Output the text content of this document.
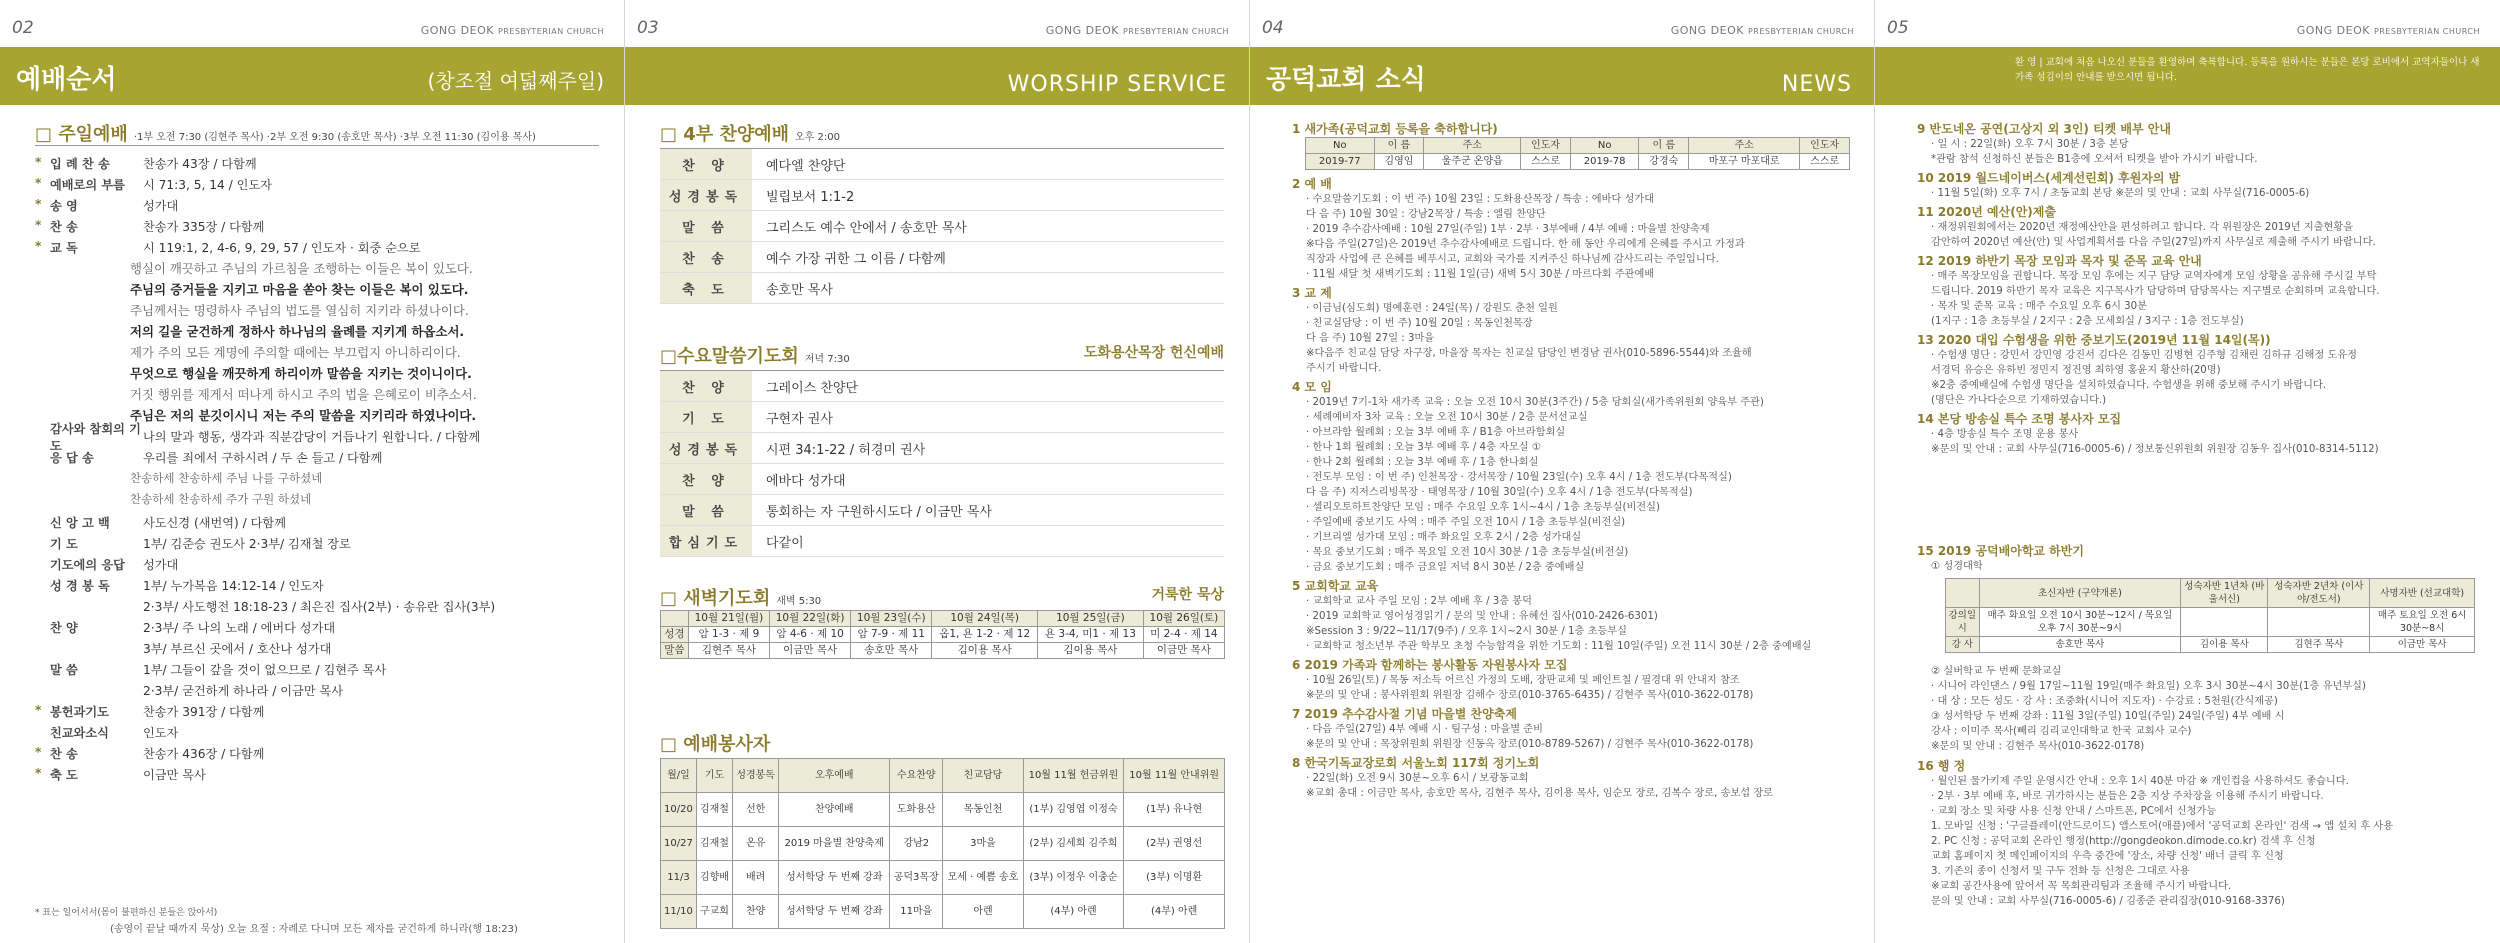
02	GONG DEOK PRESBYTERIAN CHURCH
예배순서	(창조절 여덟째주일)
□ 주일예배 ·1부 오전 7:30 (김현주 목사) ·2부 오전 9:30 (송호만 목사) ·3부 오전 11:30 (김이용 목사)
* 입 례 찬 송	찬송가 43장 / 다함께
* 예배로의 부름	시 71:3, 5, 14 / 인도자
* 송 영	성가대
* 찬 송	찬송가 335장 / 다함께
* 교 독	시 119:1, 2, 4-6, 9, 29, 57 / 인도자 · 회중 순으로
행실이 깨끗하고 주님의 가르침을 조행하는 이들은 복이 있도다.
주님의 증거들을 지키고 마음을 쏟아 찾는 이들은 복이 있도다.
주님께서는 명령하사 주님의 법도를 열심히 지키라 하셨나이다.
저의 길을 굳건하게 정하사 하나님의 율례를 지키게 하옵소서.
제가 주의 모든 계명에 주의할 때에는 부끄럽지 아니하리이다.
무엇으로 행실을 깨끗하게 하리이까 말씀을 지키는 것이니이다.
거짓 행위를 제게서 떠나게 하시고 주의 법을 은혜로이 비추소서.
주님은 저의 분깃이시니 저는 주의 말씀을 지키리라 하였나이다.
감사와 참회의 기도
나의 말과 행동, 생각과 직분감당이 거듭나기 원합니다. / 다함께
응 답 송	우리를 죄에서 구하시려 / 두 손 들고 / 다함께
찬송하세 찬송하세 주님 나를 구하셨네
찬송하세 찬송하세 주가 구원 하셨네
신 앙 고 백	사도신경 (새번역) / 다함께
기 도	1부/ 김준승 권도사 2·3부/ 김재철 장로
기도에의 응답	성가대
성 경 봉 독	1부/ 누가복음 14:12-14 / 인도자
2·3부/ 사도행전 18:18-23 / 최은진 집사(2부) · 송유란 집사(3부)
찬 양	2·3부/ 주 나의 노래 / 에버다 성가대
3부/ 부르신 곳에서 / 호산나 성가대
말 씀	1부/ 그들이 갚을 것이 없으므로 / 김현주 목사
2·3부/ 굳건하게 하나라 / 이금만 목사
* 봉헌과기도	찬송가 391장 / 다함께
친교와소식	인도자
* 찬 송	찬송가 436장 / 다함께
* 축 도	이금만 목사
* 표는 일어서서(몸이 불편하신 분들은 앉아서)
(송영이 끝날 때까지 묵상) 오늘 요절 : 자례로 다니며 모든 제자를 굳건하게 하니라(행 18:23)
03	GONG DEOK PRESBYTERIAN CHURCH
WORSHIP SERVICE
□ 4부 찬양예배 오후 2:00
찬 양	예다엘 찬양단
성경봉독	빌립보서 1:1-2
말 씀	그리스도 예수 안에서 / 송호만 목사
찬 송	예수 가장 귀한 그 이름 / 다함께
축 도	송호만 목사
□수요말씀기도회 저녁 7:30	도화용산목장 헌신예배
찬 양	그레이스 찬양단
기 도	구현자 권사
성경봉독	시편 34:1-22 / 허경미 권사
찬 양	에바다 성가대
말 씀	통회하는 자 구원하시도다 / 이금만 목사
합심기도	다같이
□ 새벽기도회 새벽 5:30	거룩한 묵상
	10월 21일(월)	10월 22일(화)	10월 23일(수)	10월 24일(목)	10월 25일(금)	10월 26일(토)
성경	암 1-3 · 제 9	암 4-6 · 제 10	암 7-9 · 제 11	옵1, 욘 1-2 · 제 12	욘 3-4, 미1 · 제 13	미 2-4 · 제 14
말씀	김현주 목사	이금만 목사	송호만 목사	김이용 목사	김이용 목사	이금만 목사
□ 예배봉사자
월/일	기도	성경봉독	오후예배	수요찬양	친교담당	10월 11월 헌금위원	10월 11월 안내위원
10/20	김재철	선한	찬양예배	도화용산	목동인천	(1부) 김영엽 이정숙	(1부) 유나현
10/27	김재철	온유	2019 마을별 찬양축제	강남2	3마을	(2부) 김세희 김주희	(2부) 권영선
11/3	김향배	배려	성서학당 두 번째 강좌	공덕3목장	모세 · 예쁨 송호	(3부) 이정우 이충순	(3부) 이명환
11/10	구교희	찬양	성서학당 두 번째 강좌	11마을	아렌	(4부) 아렌	(4부) 아렌
04	GONG DEOK PRESBYTERIAN CHURCH
공덕교회 소식	NEWS
1 새가족(공덕교회 등록을 축하합니다)
No	이 름	주소	인도자	No	이 름	주소	인도자
2019-77	김영임	울주군 온양읍	스스로	2019-78	강경숙	마포구 마포대로	스스로
2 예 배
· 수요말씀기도회 : 이 번 주) 10월 23일 : 도화용산목장 / 특송 : 에바다 성가대
다 음 주) 10월 30일 : 강남2목장 / 특송 : 엘림 찬양단
· 2019 추수감사예배 : 10월 27일(주일) 1부 · 2부 · 3부에배 / 4부 예배 : 마을별 찬양축제
※다음 주일(27일)은 2019년 추수감사예배로 드립니다. 한 해 동안 우리에게 은혜를 주시고 가정과
직장과 사업에 큰 은혜를 베푸시고, 교회와 국가를 지켜주신 하나님께 감사드리는 주일입니다.
· 11월 새달 첫 새벽기도회 : 11월 1일(금) 새벽 5시 30분 / 마르다회 주관예배
3 교 제
· 이금님(심도회) 명예훈련 : 24일(목) / 강원도 춘천 일원
· 친교실담당 : 이 번 주) 10월 20일 : 목동인천목장
다 음 주) 10월 27일 : 3마을
※다음주 친교실 담당 자구장, 마을장 목자는 친교실 담당인 변경남 권사(010-5896-5544)와 조율해
주시기 바랍니다.
4 모 임
· 2019년 7기-1차 새가족 교육 : 오늘 오전 10시 30분(3주간) / 5층 당회실(새가족위원회 양육부 주관)
· 세례예비자 3차 교육 : 오늘 오전 10시 30분 / 2층 문서선교실
· 아브라함 월례회 : 오늘 3부 예배 후 / B1층 아브라함회실
· 한나 1회 월례회 : 오늘 3부 예배 후 / 4층 자모실 ①
· 한나 2회 월례회 : 오늘 3부 예배 후 / 1층 한나회실
· 전도부 모임 : 이 번 주) 인천목장 · 강서목장 / 10월 23일(수) 오후 4시 / 1층 전도부(다목적실)
다 음 주) 지저스리빙목장 · 태영목장 / 10월 30일(수) 오후 4시 / 1층 전도부(다목적실)
· 셀리오토하트찬양단 모임 : 매주 수요일 오후 1시~4시 / 1층 초등부실(비전실)
· 주일예배 중보기도 사역 : 매주 주일 오전 10시 / 1층 초등부실(비전실)
· 기브리엘 성가대 모임 : 매주 화요일 오후 2시 / 2층 성가대실
· 목요 중보기도회 : 매주 목요일 오전 10시 30분 / 1층 초등부실(비전실)
· 금요 중보기도회 : 매주 금요일 저녁 8시 30분 / 2층 중예배실
5 교회학교 교육
· 교회학교 교사 주일 모임 : 2부 예배 후 / 3층 봉덕
· 2019 교회학교 영어성경읽기 / 문의 및 안내 : 유혜선 집사(010-2426-6301)
※Session 3 : 9/22~11/17(9주) / 오후 1시~2시 30분 / 1층 초등부실
· 교회학교 청소년부 주관 학부모 초청 수능합격을 위한 기도회 : 11월 10일(주일) 오전 11시 30분 / 2층 중예배실
6 2019 가족과 함께하는 봉사활동 자원봉사자 모집
· 10월 26일(토) / 목동 저소득 어르신 가정의 도배, 장판교체 및 페인트칠 / 필경대 위 안내지 참조
※문의 및 안내 : 봉사위원회 위원장 김해수 장로(010-3765-6435) / 김현주 목사(010-3622-0178)
7 2019 추수감사절 기념 마을별 찬양축제
· 다음 주일(27일) 4부 예배 시 · 팀구성 : 마을별 준비
※문의 및 안내 : 목장위원회 위원장 신동옥 장로(010-8789-5267) / 김현주 목사(010-3622-0178)
8 한국기독교장로회 서울노회 117회 정기노회
· 22일(화) 오전 9시 30분~오후 6시 / 보광동교회
※교회 총대 : 이금만 목사, 송호만 목사, 김현주 목사, 김이용 목사, 임순모 장로, 김복수 장로, 송보섭 장로
05	GONG DEOK PRESBYTERIAN CHURCH
환 영 | 교회에 처음 나오신 분들을 환영하며 축복합니다. 등록을 원하시는 분들은 본당 로비에서 교역자들이나 새가족 섬김이의 안내를 받으시면 됩니다.
9 반도네온 공연(고상지 외 3인) 티켓 배부 안내
· 일 시 : 22일(화) 오후 7시 30분 / 3층 본당
*관람 참석 신청하신 분들은 B1층에 오셔서 티켓을 받아 가시기 바랍니다.
10 2019 월드네이버스(세계선린회) 후원자의 밤
· 11월 5일(화) 오후 7시 / 초동교회 본당 ※문의 및 안내 : 교회 사무실(716-0005-6)
11 2020년 예산(안)제출
· 재정위원회에서는 2020년 재정예산안을 편성하려고 합니다. 각 위원장은 2019년 지출현황을
감안하여 2020년 예산(안) 및 사업계획서를 다음 주일(27일)까지 사무실로 제출해 주시기 바랍니다.
12 2019 하반기 목장 모임과 목자 및 준목 교육 안내
· 매주 목장모임을 권합니다. 목장 모임 후에는 지구 담당 교역자에게 모임 상황을 공유해 주시길 부탁
드립니다. 2019 하반기 목자 교육은 지구목사가 담당하며 담당목사는 지구별로 순회하며 교육합니다.
· 목자 및 준목 교육 : 매주 수요일 오후 6시 30분
(1지구 : 1층 초등부실 / 2지구 : 2층 모세회실 / 3지구 : 1층 전도부실)
13 2020 대입 수험생을 위한 중보기도(2019년 11월 14일(목))
· 수험생 명단 : 강민서 강민영 강진서 김다은 김동민 김병현 김주형 김채린 김하규 김해정 도유정
서경덕 유승은 유하빈 정민지 정진영 최하영 홍윤지 황산하(20명)
※2층 중예배실에 수험생 명단을 설치하였습니다. 수험생을 위해 중보해 주시기 바랍니다.
(명단은 가나다순으로 기재하였습니다.)
14 본당 방송실 특수 조명 봉사자 모집
· 4층 방송실 특수 조명 운용 봉사
※문의 및 안내 : 교회 사무실(716-0005-6) / 정보통신위원회 위원장 김동우 집사(010-8314-5112)
15 2019 공덕배아학교 하반기
① 성경대학
	초신자반 (구약개론)	성숙자반 1년차 (바울서신)	성숙자반 2년차 (이사야/전도서)	사명자반 (선교대학)
강의일시	매주 화요일 오전 10시 30분~12시 / 목요일 오후 7시 30분~9시			매주 토요일 오전 6시 30분~8시
강 사	송호만 목사	김이용 목사	김현주 목사	이금만 목사
② 실버학교 두 번째 문화교실
· 시니어 라인댄스 / 9월 17일~11월 19일(매주 화요일) 오후 3시 30분~4시 30분(1층 유년부실)
· 대 상 : 모든 성도 · 강 사 : 조중화(시니어 지도자) · 수강료 : 5천원(간식제공)
③ 성서학당 두 번째 강좌 : 11월 3일(주일) 10일(주일) 24일(주일) 4부 예배 시
강사 : 이미주 목사(빼리 김리교인대학교 한국 교회사 교수)
※문의 및 안내 : 김현주 목사(010-3622-0178)
16 행 정
· 월인된 물가키제 주일 운영시간 안내 : 오후 1시 40분 마감 ※ 개인컵을 사용하셔도 좋습니다.
· 2부 · 3부 예배 후, 바로 귀가하시는 분들은 2층 지상 주차장을 이용해 주시기 바랍니다.
· 교회 장소 및 차량 사용 신청 안내 / 스마트폰, PC에서 신청가능
1. 모바일 신청 : '구글플레이(안드로이드) 앱스토어(애플)에서 '공덕교회 온라인' 검색 → 앱 설치 후 사용
2. PC 신청 : 공덕교회 온라인 행정(http://gongdeokon.dimode.co.kr) 검색 후 신청
교회 홈페이지 첫 메인페이지의 우측 중간에 '장소, 차량 신청' 배너 클릭 후 신청
3. 기존의 종이 신청서 및 구두 전화 등 신청은 그대로 사용
※교회 공간사용에 앞어서 꼭 목회관리팀과 조율해 주시기 바랍니다.
문의 및 안내 : 교회 사무실(716-0005-6) / 김종준 관리집장(010-9168-3376)
